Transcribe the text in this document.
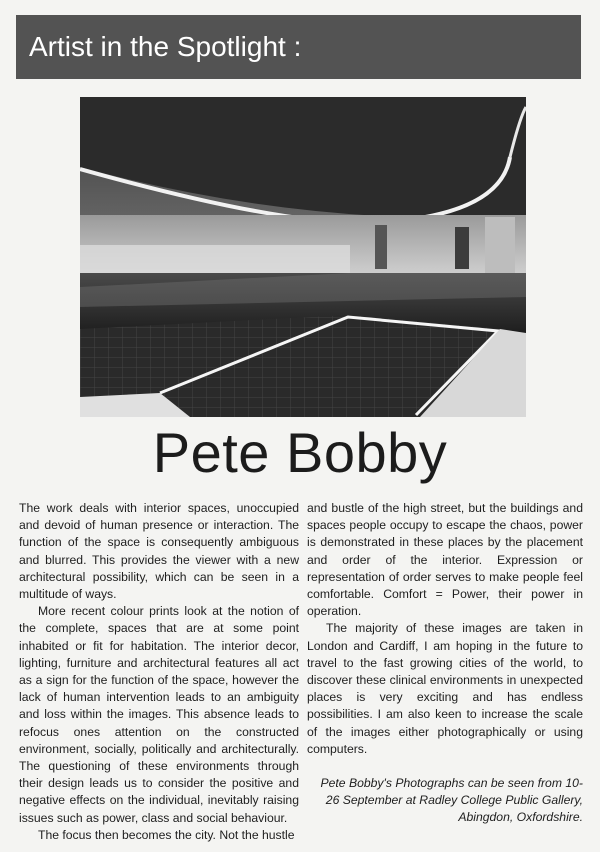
Artist in the Spotlight :
Pete Bobby

The work deals with interior spaces, unoccupied and devoid of human presence or interaction. The function of the space is consequently ambiguous and blurred. This provides the viewer with a new architectural possibility, which can be seen in a multitude of ways.

More recent colour prints look at the notion of the complete, spaces that are at some point inhabited or fit for habitation. The interior decor, lighting, furniture and architectural features all act as a sign for the function of the space, however the lack of human intervention leads to an ambiguity and loss within the images. This absence leads to refocus ones attention on the constructed environment, socially, politically and architecturally. The questioning of these environments through their design leads us to consider the positive and negative effects on the individual, inevitably raising issues such as power, class and social behaviour.

The focus then becomes the city. Not the hustle

and bustle of the high street, but the buildings and spaces people occupy to escape the chaos, power is demonstrated in these places by the placement and order of the interior. Expression or representation of order serves to make people feel comfortable. Comfort = Power, their power in operation.

The majority of these images are taken in London and Cardiff, I am hoping in the future to travel to the fast growing cities of the world, to discover these clinical environments in unexpected places is very exciting and has endless possibilities. I am also keen to increase the scale of the images either photographically or using computers.

Pete Bobby's Photographs can be seen from 10-26 September at Radley College Public Gallery, Abingdon, Oxfordshire.
